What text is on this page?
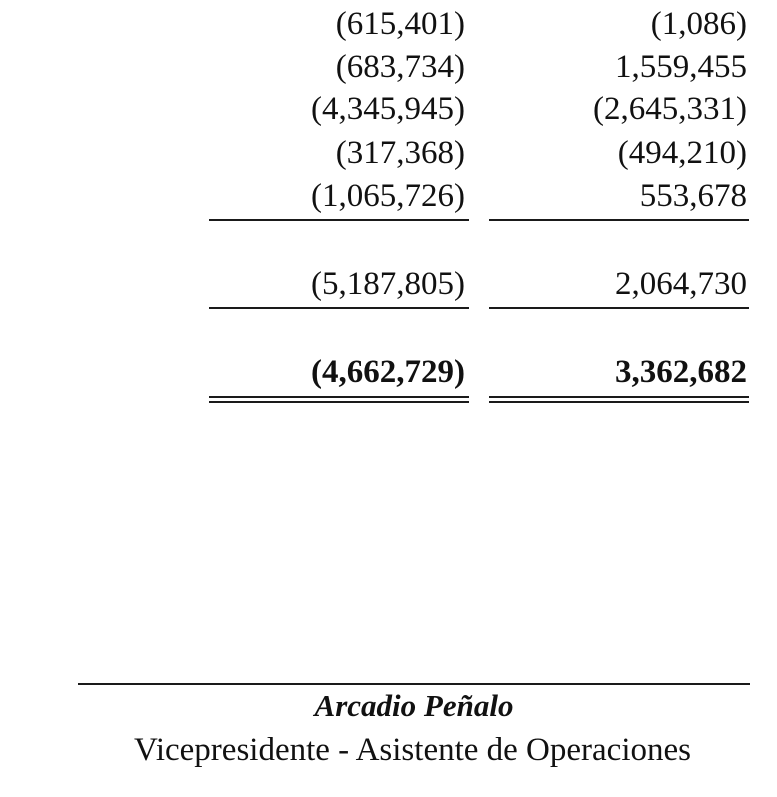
(615,401)	(1,086)
(683,734)	1,559,455
(4,345,945)	(2,645,331)
(317,368)	(494,210)
(1,065,726)	553,678
(5,187,805)	2,064,730
(4,662,729)	3,362,682
Arcadio Peñalo
Vicepresidente - Asistente de Operaciones
